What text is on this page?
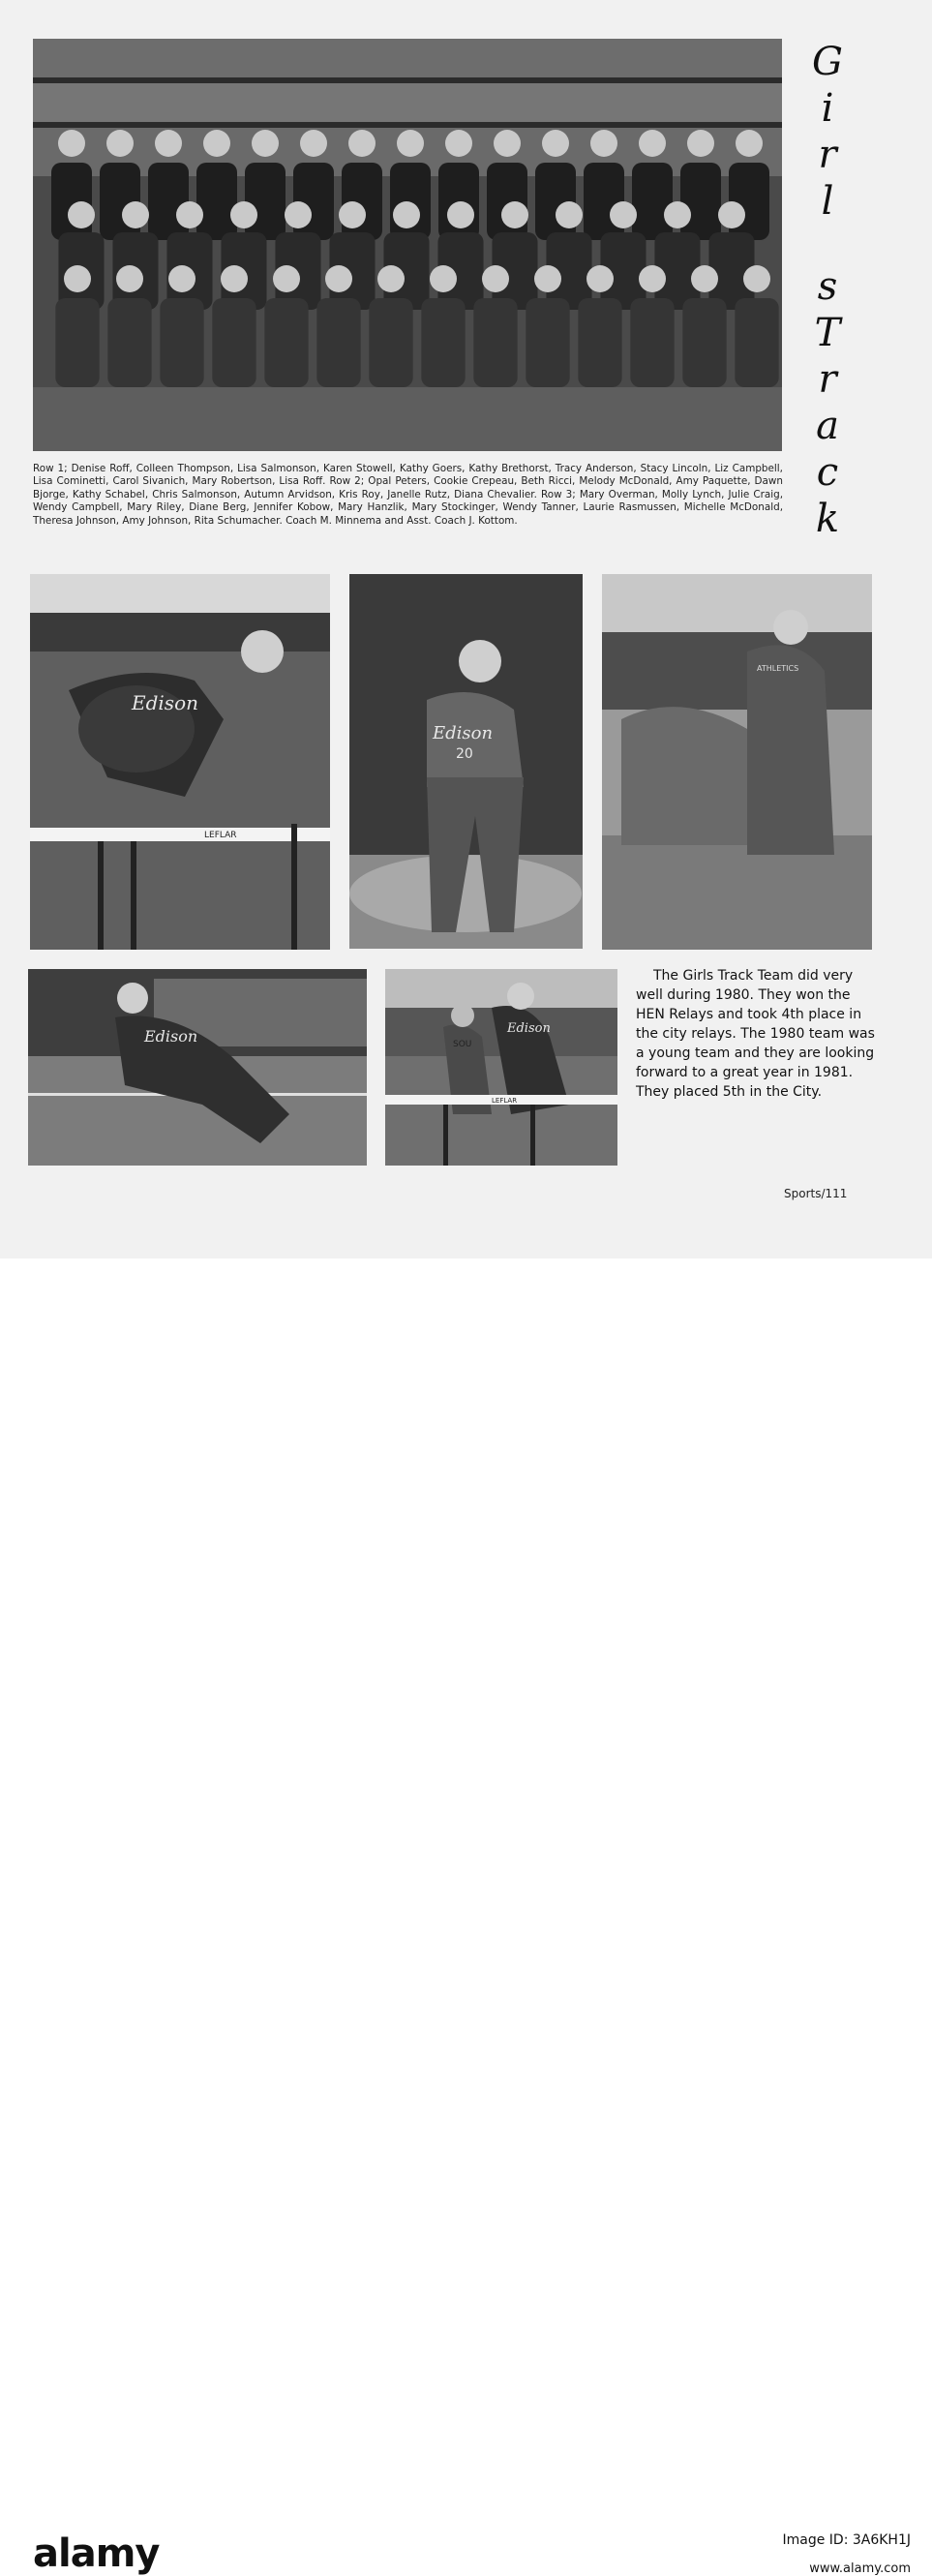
G
i
r
l
s
T
r
a
c
k

Row 1; Denise Roff, Colleen Thompson, Lisa Salmonson, Karen Stowell, Kathy Goers, Kathy Brethorst, Tracy Anderson, Stacy Lincoln, Liz Campbell, Lisa Cominetti, Carol Sivanich, Mary Robertson, Lisa Roff. Row 2; Opal Peters, Cookie Crepeau, Beth Ricci, Melody McDonald, Amy Paquette, Dawn Bjorge, Kathy Schabel, Chris Salmonson, Autumn Arvidson, Kris Roy, Janelle Rutz, Diana Chevalier. Row 3; Mary Overman, Molly Lynch, Julie Craig, Wendy Campbell, Mary Riley, Diane Berg, Jennifer Kobow, Mary Hanzlik, Mary Stockinger, Wendy Tanner, Laurie Rasmussen, Michelle McDonald, Theresa Johnson, Amy Johnson, Rita Schumacher. Coach M. Minnema and Asst. Coach J. Kottom.

Edison
LEFLAR
Edison
20
ATHLETICS
Edison	Edison
SOU
LEFLAR

The Girls Track Team did very well during 1980. They won the HEN Relays and took 4th place in the city relays. The 1980 team was a young team and they are looking forward to a great year in 1981. They placed 5th in the City.

Sports/111
alamy	Image ID: 3A6KH1J
www.alamy.com
